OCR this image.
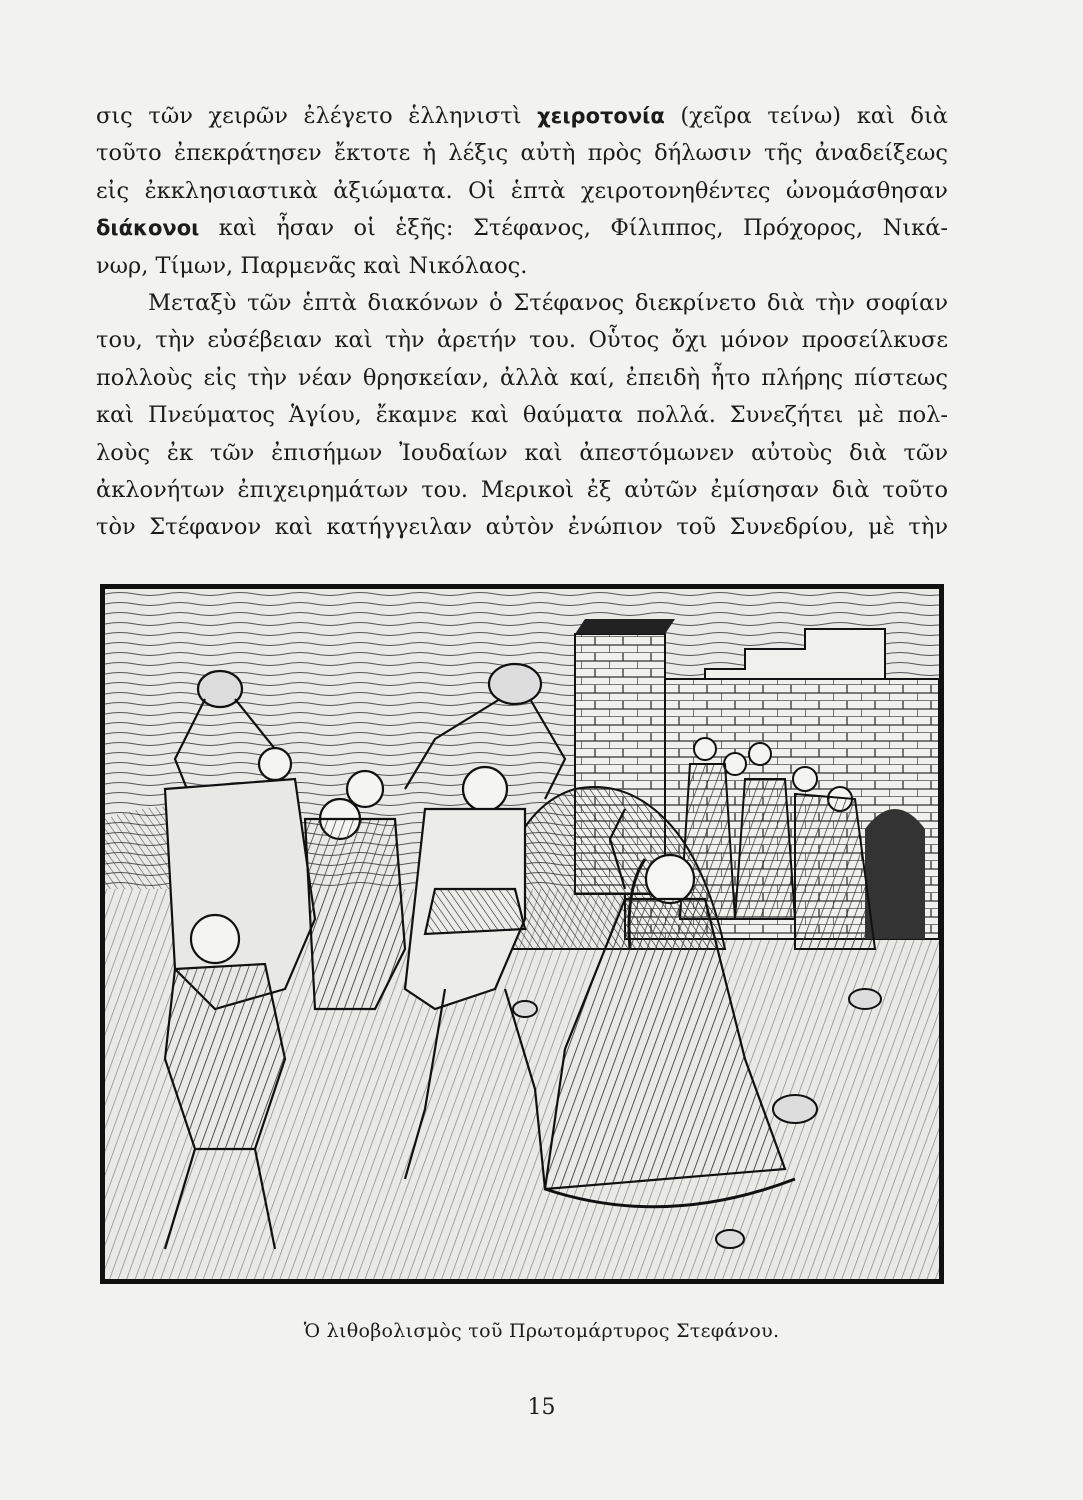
σις τῶν χειρῶν ἐλέγετο ἑλληνιστὶ χειροτονία (χεῖρα τείνω) καὶ διὰ
τοῦτο ἐπεκράτησεν ἔκτοτε ἡ λέξις αὐτὴ πρὸς δήλωσιν τῆς ἀναδείξεως
εἰς ἐκκλησιαστικὰ ἀξιώματα. Οἱ ἑπτὰ χειροτονηθέντες ὠνομάσθησαν
διάκονοι καὶ ἦσαν οἱ ἑξῆς: Στέφανος, Φίλιππος, Πρόχορος, Νικά-
νωρ, Τίμων, Παρμενᾶς καὶ Νικόλαος.
Μεταξὺ τῶν ἑπτὰ διακόνων ὁ Στέφανος διεκρίνετο διὰ τὴν σοφίαν
του, τὴν εὐσέβειαν καὶ τὴν ἀρετήν του. Οὗτος ὄχι μόνον προσείλκυσε
πολλοὺς εἰς τὴν νέαν θρησκείαν, ἀλλὰ καί, ἐπειδὴ ἦτο πλήρης πίστεως
καὶ Πνεύματος Ἁγίου, ἔκαμνε καὶ θαύματα πολλά. Συνεζήτει μὲ πολ-
λοὺς ἐκ τῶν ἐπισήμων Ἰουδαίων καὶ ἀπεστόμωνεν αὐτοὺς διὰ τῶν
ἀκλονήτων ἐπιχειρημάτων του. Μερικοὶ ἐξ αὐτῶν ἐμίσησαν διὰ τοῦτο
τὸν Στέφανον καὶ κατήγγειλαν αὐτὸν ἐνώπιον τοῦ Συνεδρίου, μὲ τὴν
Ὁ λιθοβολισμὸς τοῦ Πρωτομάρτυρος Στεφάνου.
15
